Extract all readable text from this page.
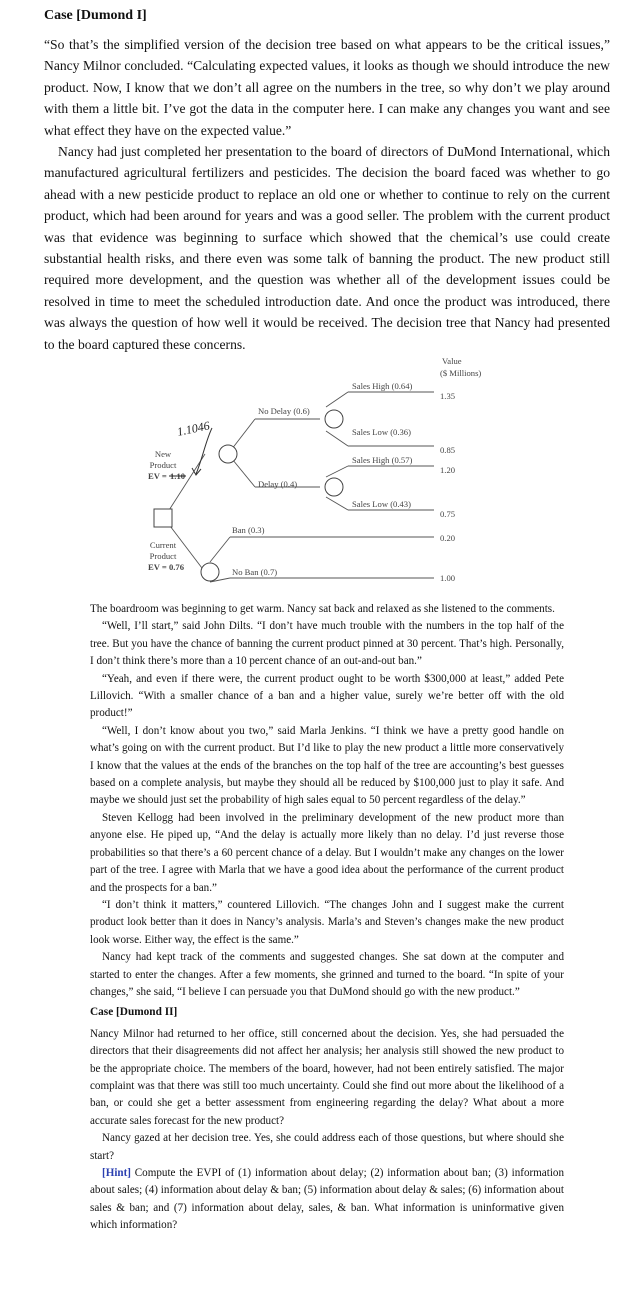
Case [Dumond I]

“So that’s the simplified version of the decision tree based on what appears to be the critical issues,” Nancy Milnor concluded. “Calculating expected values, it looks as though we should introduce the new product. Now, I know that we don’t all agree on the numbers in the tree, so why don’t we play around with them a little bit. I’ve got the data in the computer here. I can make any changes you want and see what effect they have on the expected value.”

Nancy had just completed her presentation to the board of directors of DuMond International, which manufactured agricultural fertilizers and pesticides. The decision the board faced was whether to go ahead with a new pesticide product to replace an old one or whether to continue to rely on the current product, which had been around for years and was a good seller. The problem with the current product was that evidence was beginning to surface which showed that the chemical’s use could create substantial health risks, and there even was some talk of banning the product. The new product still required more development, and the question was whether all of the development issues could be resolved in time to meet the scheduled introduction date. And once the product was introduced, there was always the question of how well it would be received. The decision tree that Nancy had presented to the board captured these concerns.

1.1046
Value
($ Millions)
No Delay (0.6)
Delay (0.4)
Sales High (0.64)
Sales Low (0.36)
Sales High (0.57)
Sales Low (0.43)
Ban (0.3)
No Ban (0.7)
New
Product
EV = 1.10
Current
Product
EV = 0.76
1.35
0.85
1.20
0.75
0.20
1.00

The boardroom was beginning to get warm. Nancy sat back and relaxed as she listened to the comments.

“Well, I’ll start,” said John Dilts. “I don’t have much trouble with the numbers in the top half of the tree. But you have the chance of banning the current product pinned at 30 percent. That’s high. Personally, I don’t think there’s more than a 10 percent chance of an out-and-out ban.”

“Yeah, and even if there were, the current product ought to be worth $300,000 at least,” added Pete Lillovich. “With a smaller chance of a ban and a higher value, surely we’re better off with the old product!”

“Well, I don’t know about you two,” said Marla Jenkins. “I think we have a pretty good handle on what’s going on with the current product. But I’d like to play the new product a little more conservatively I know that the values at the ends of the branches on the top half of the tree are accounting’s best guesses based on a complete analysis, but maybe they should all be reduced by $100,000 just to play it safe. And maybe we should just set the probability of high sales equal to 50 percent regardless of the delay.”

Steven Kellogg had been involved in the preliminary development of the new product more than anyone else. He piped up, “And the delay is actually more likely than no delay. I’d just reverse those probabilities so that there’s a 60 percent chance of a delay. But I wouldn’t make any changes on the lower part of the tree. I agree with Marla that we have a good idea about the performance of the current product and the prospects for a ban.”

“I don’t think it matters,” countered Lillovich. “The changes John and I suggest make the current product look better than it does in Nancy’s analysis. Marla’s and Steven’s changes make the new product look worse. Either way, the effect is the same.”

Nancy had kept track of the comments and suggested changes. She sat down at the computer and started to enter the changes. After a few moments, she grinned and turned to the board. “In spite of your changes,” she said, “I believe I can persuade you that DuMond should go with the new product.”

Case [Dumond II]

Nancy Milnor had returned to her office, still concerned about the decision. Yes, she had persuaded the directors that their disagreements did not affect her analysis; her analysis still showed the new product to be the appropriate choice. The members of the board, however, had not been entirely satisfied. The major complaint was that there was still too much uncertainty. Could she find out more about the likelihood of a ban, or could she get a better assessment from engineering regarding the delay? What about a more accurate sales forecast for the new product?

Nancy gazed at her decision tree. Yes, she could address each of those questions, but where should she start?

[Hint] Compute the EVPI of (1) information about delay; (2) information about ban; (3) information about sales; (4) information about delay & ban; (5) information about delay & sales; (6) information about sales & ban; and (7) information about delay, sales, & ban. What information is uninformative given which information?
